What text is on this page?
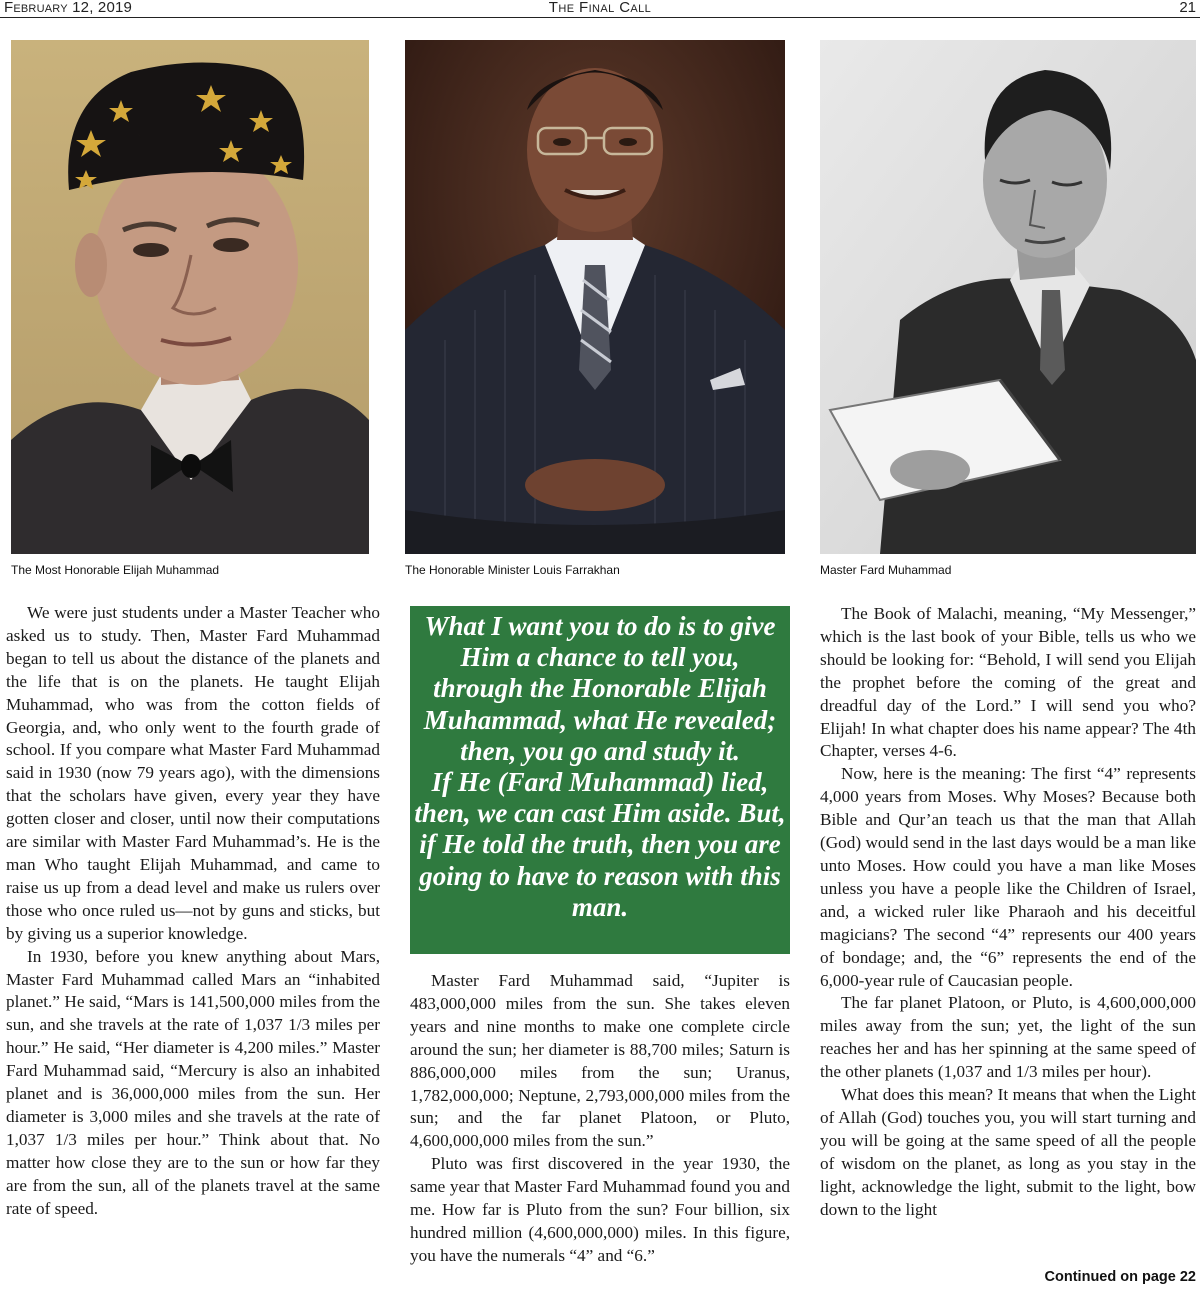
February 12, 2019	The Final Call	21
The Most Honorable Elijah Muhammad	The Honorable Minister Louis Farrakhan	Master Fard Muhammad

We were just students under a Master Teacher who asked us to study. Then, Master Fard Muhammad began to tell us about the distance of the planets and the life that is on the planets. He taught Elijah Muhammad, who was from the cotton fields of Georgia, and, who only went to the fourth grade of school. If you compare what Master Fard Muhammad said in 1930 (now 79 years ago), with the dimensions that the scholars have given, every year they have gotten closer and closer, until now their computations are similar with Master Fard Muhammad’s. He is the man Who taught Elijah Muhammad, and came to raise us up from a dead level and make us rulers over those who once ruled us—not by guns and sticks, but by giving us a superior knowledge.

In 1930, before you knew anything about Mars, Master Fard Muhammad called Mars an “inhabited planet.” He said, “Mars is 141,500,000 miles from the sun, and she travels at the rate of 1,037 1/3 miles per hour.” He said, “Her diameter is 4,200 miles.” Master Fard Muhammad said, “Mercury is also an inhabited planet and is 36,000,000 miles from the sun. Her diameter is 3,000 miles and she travels at the rate of 1,037 1/3 miles per hour.” Think about that. No matter how close they are to the sun or how far they are from the sun, all of the planets travel at the same rate of speed.

What I want you to do is to give Him a chance to tell you, through the Honorable Elijah Muhammad, what He revealed; then, you go and study it.

If He (Fard Muhammad) lied, then, we can cast Him aside. But, if He told the truth, then you are going to have to reason with this man.

Master Fard Muhammad said, “Jupiter is 483,000,000 miles from the sun. She takes eleven years and nine months to make one complete circle around the sun; her diameter is 88,700 miles; Saturn is 886,000,000 miles from the sun; Uranus, 1,782,000,000; Neptune, 2,793,000,000 miles from the sun; and the far planet Platoon, or Pluto, 4,600,000,000 miles from the sun.”

Pluto was first discovered in the year 1930, the same year that Master Fard Muhammad found you and me. How far is Pluto from the sun? Four billion, six hundred million (4,600,000,000) miles. In this figure, you have the numerals “4” and “6.”

The Book of Malachi, meaning, “My Messenger,” which is the last book of your Bible, tells us who we should be looking for: “Behold, I will send you Elijah the prophet before the coming of the great and dreadful day of the Lord.” I will send you who? Elijah! In what chapter does his name appear? The 4th Chapter, verses 4-6.

Now, here is the meaning: The first “4” represents 4,000 years from Moses. Why Moses? Because both Bible and Qur’an teach us that the man that Allah (God) would send in the last days would be a man like unto Moses. How could you have a man like Moses unless you have a people like the Children of Israel, and, a wicked ruler like Pharaoh and his deceitful magicians? The second “4” represents our 400 years of bondage; and, the “6” represents the end of the 6,000-year rule of Caucasian people.

The far planet Platoon, or Pluto, is 4,600,000,000 miles away from the sun; yet, the light of the sun reaches her and has her spinning at the same speed of the other planets (1,037 and 1/3 miles per hour).

What does this mean? It means that when the Light of Allah (God) touches you, you will start turning and you will be going at the same speed of all the people of wisdom on the planet, as long as you stay in the light, acknowledge the light, submit to the light, bow down to the light

Continued on page 22
